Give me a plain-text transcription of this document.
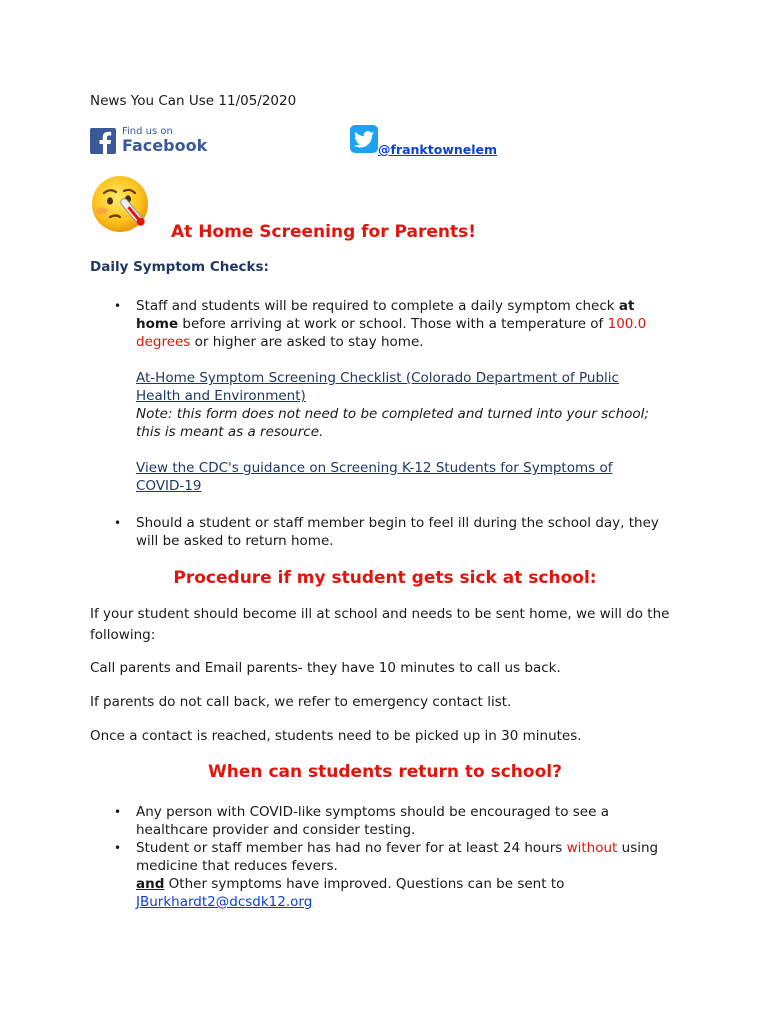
News You Can Use 11/05/2020
Find us on
Facebook	@franktownelem
At Home Screening for Parents!
Daily Symptom Checks:
• Staff and students will be required to complete a daily symptom check at

home before arriving at work or school. Those with a temperature of 100.0

degrees or higher are asked to stay home.

At-Home Symptom Screening Checklist (Colorado Department of Public

Health and Environment)

Note: this form does not need to be completed and turned into your school;

this is meant as a resource.

View the CDC's guidance on Screening K-12 Students for Symptoms of

COVID-19

• Should a student or staff member begin to feel ill during the school day, they

will be asked to return home.

Procedure if my student gets sick at school:

If your student should become ill at school and needs to be sent home, we will do the

following:

Call parents and Email parents- they have 10 minutes to call us back.
If parents do not call back, we refer to emergency contact list.
Once a contact is reached, students need to be picked up in 30 minutes.
When can students return to school?
• Any person with COVID-like symptoms should be encouraged to see a

healthcare provider and consider testing.

• Student or staff member has had no fever for at least 24 hours without using

medicine that reduces fevers.

and Other symptoms have improved. Questions can be sent to

JBurkhardt2@dcsdk12.org
